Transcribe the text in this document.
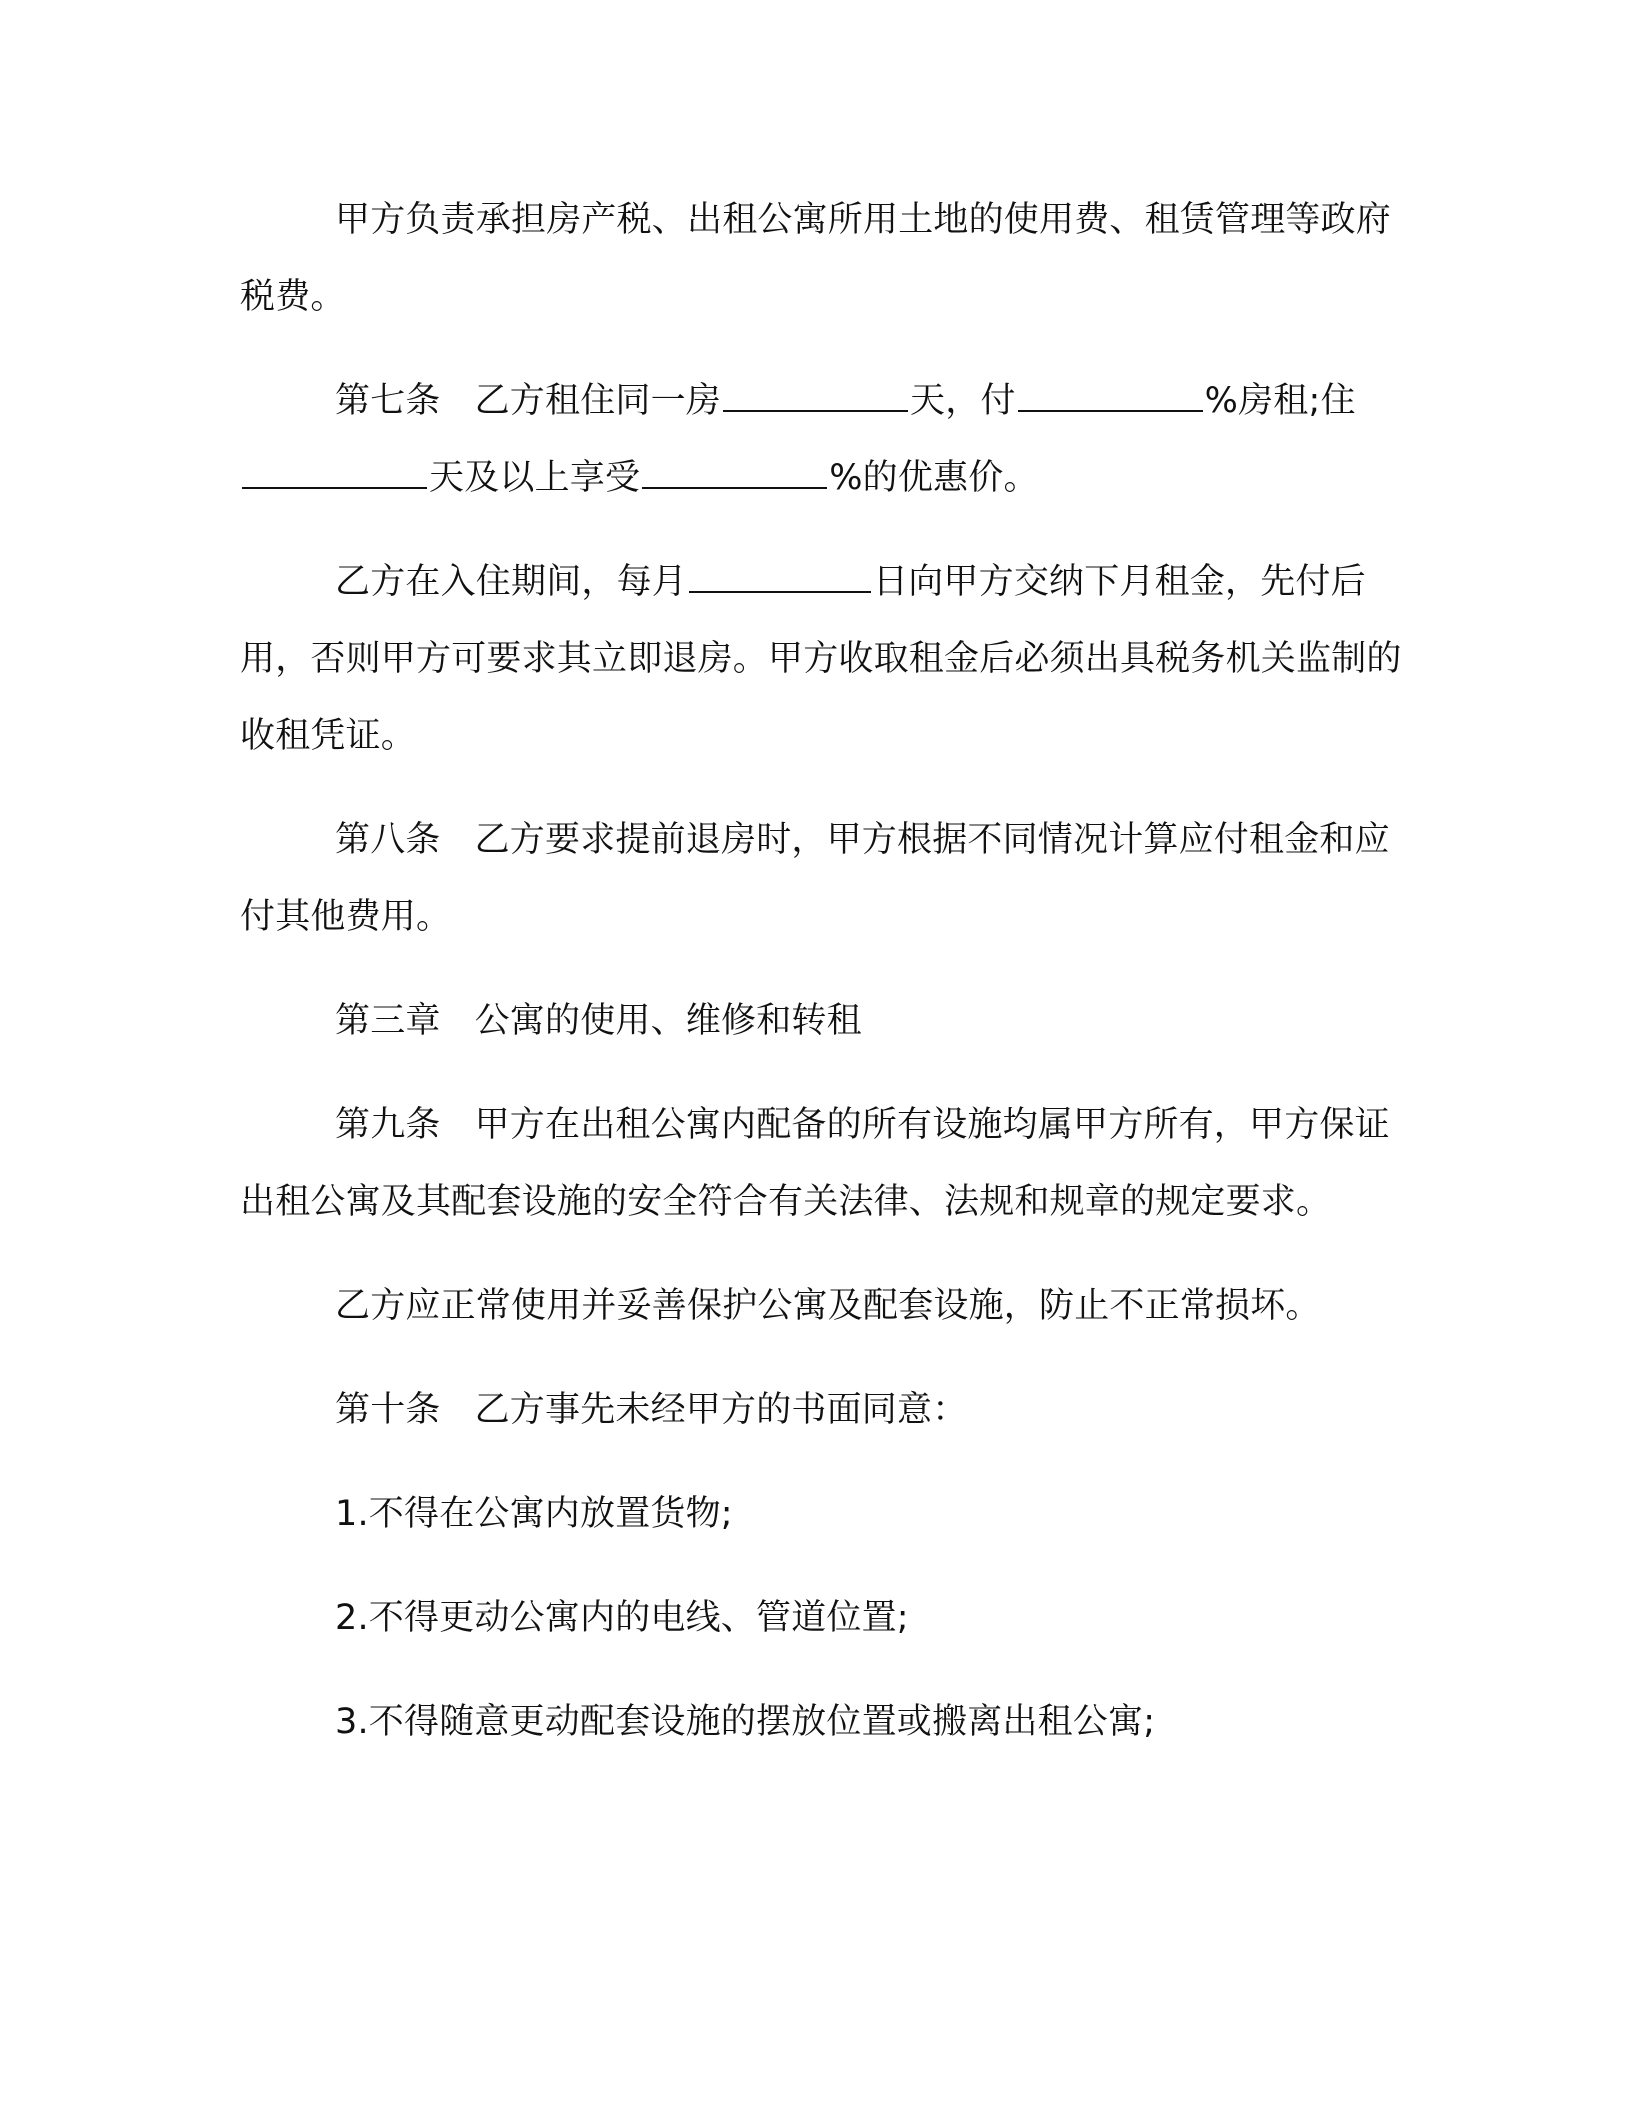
甲方负责承担房产税、出租公寓所用土地的使用费、租赁管理等政府税费。

第七条 乙方租住同一房	天，付	%房租;住天及以上享受	%的优惠价。

乙方在入住期间，每月	日向甲方交纳下月租金，先付后用，否则甲方可要求其立即退房。甲方收取租金后必须出具税务机关监制的收租凭证。

第八条 乙方要求提前退房时，甲方根据不同情况计算应付租金和应付其他费用。

第三章 公寓的使用、维修和转租

第九条 甲方在出租公寓内配备的所有设施均属甲方所有，甲方保证出租公寓及其配套设施的安全符合有关法律、法规和规章的规定要求。

乙方应正常使用并妥善保护公寓及配套设施，防止不正常损坏。

第十条 乙方事先未经甲方的书面同意：

1.不得在公寓内放置货物;

2.不得更动公寓内的电线、管道位置;

3.不得随意更动配套设施的摆放位置或搬离出租公寓;
